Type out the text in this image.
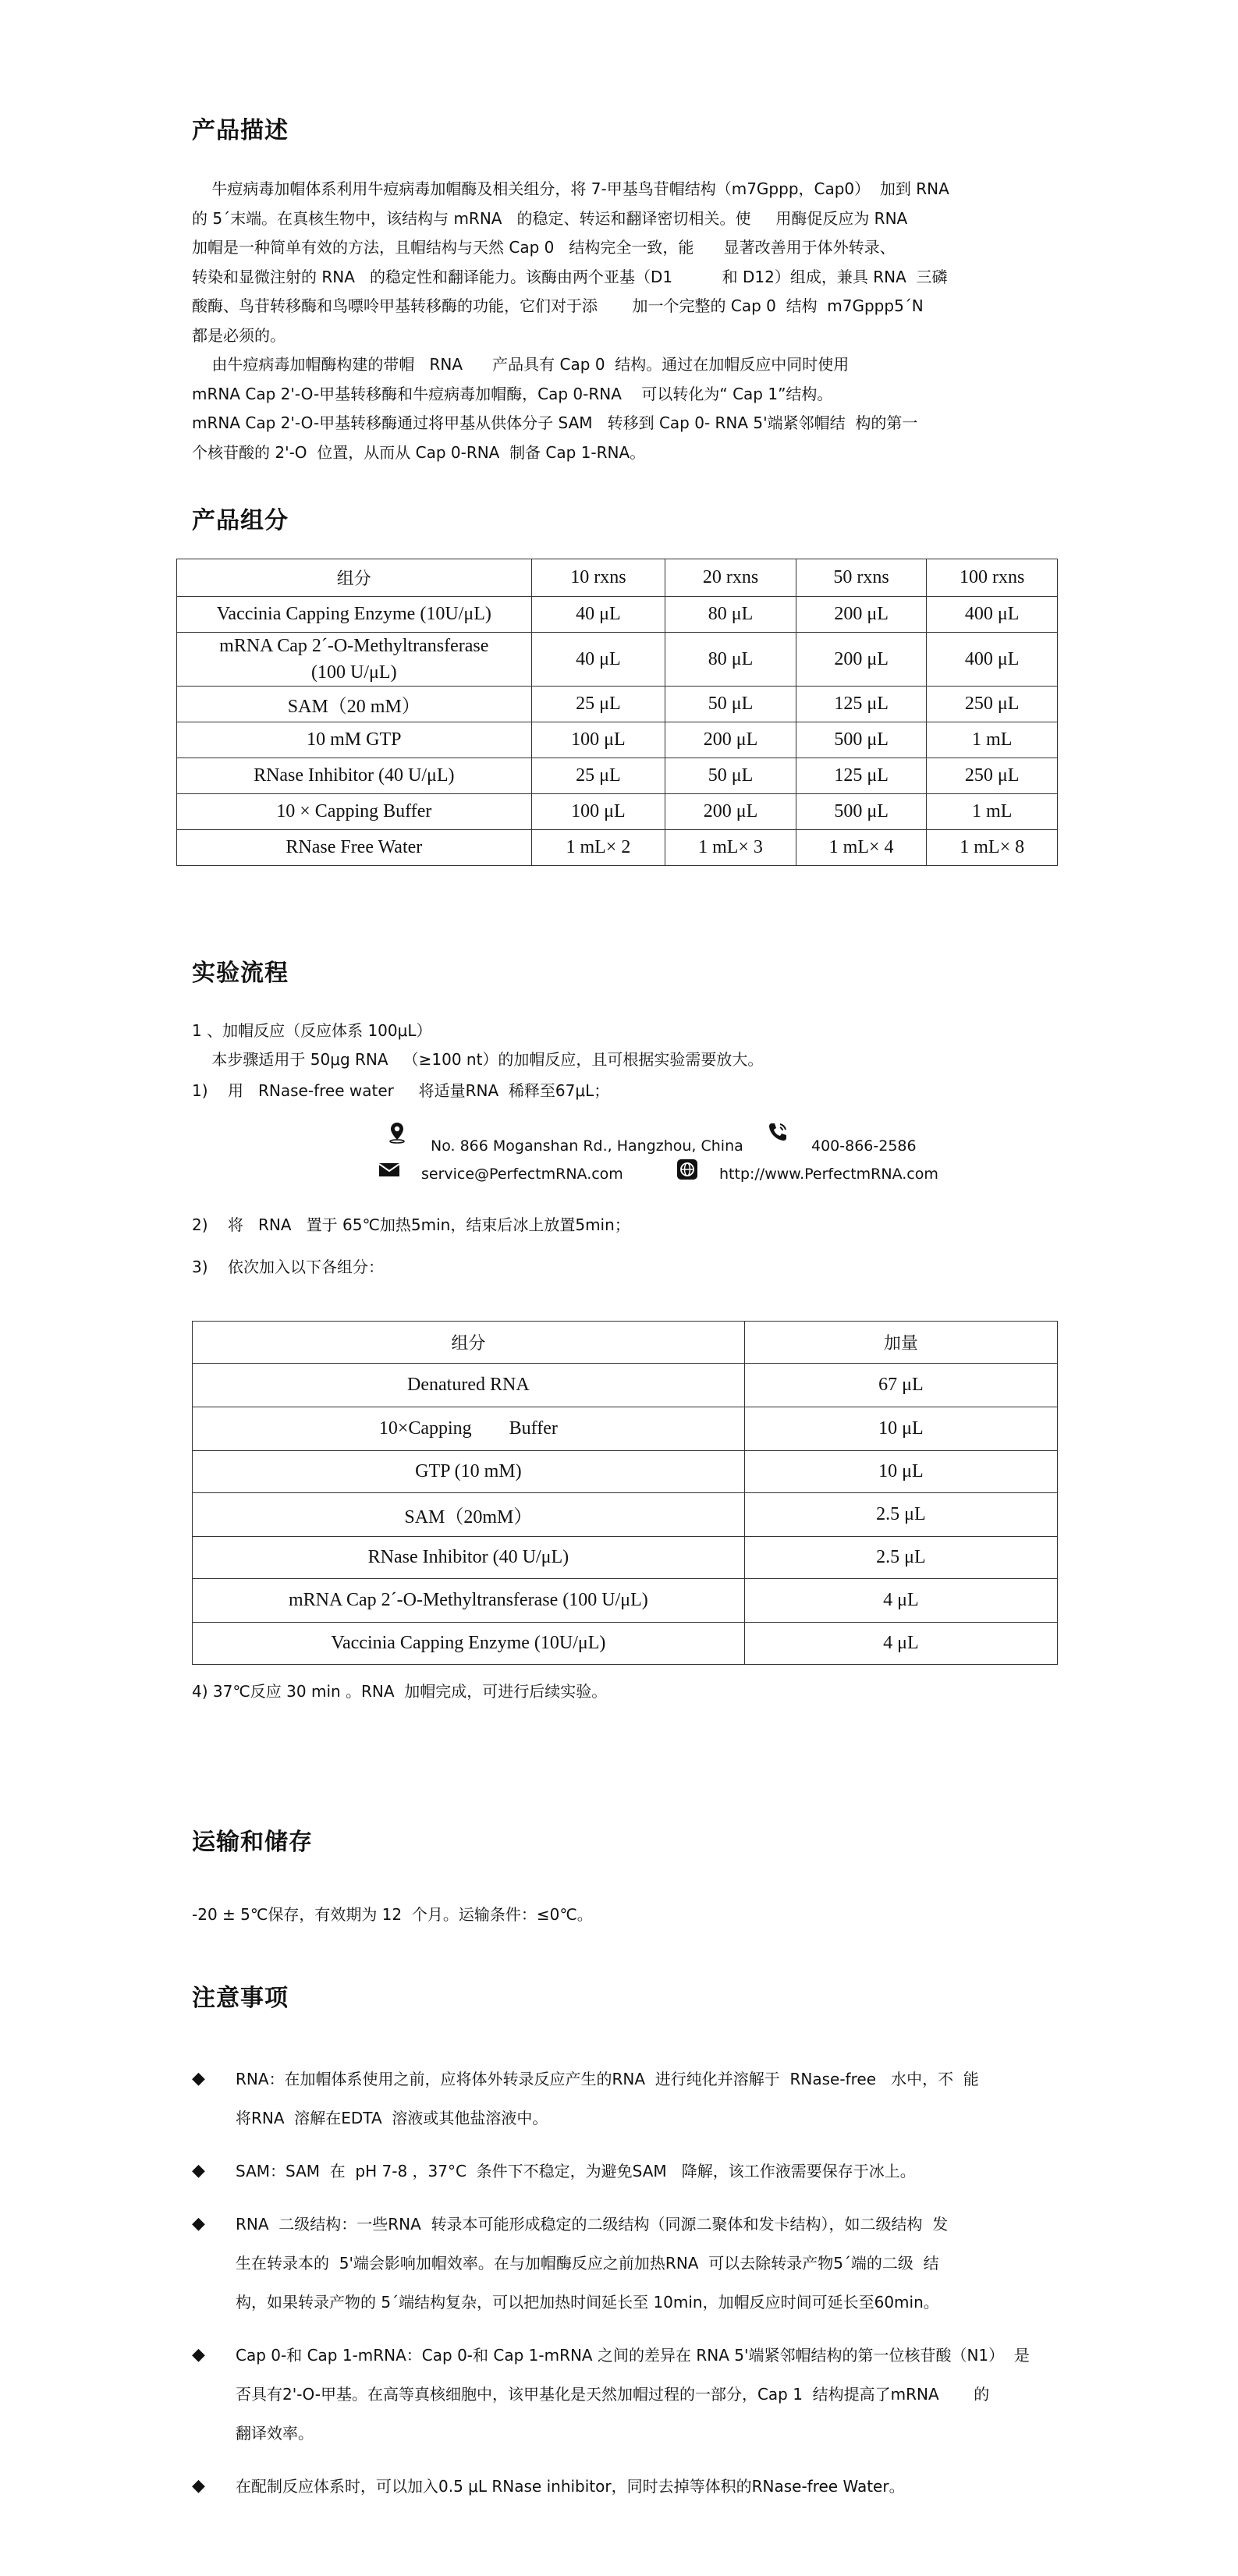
产品描述
牛痘病毒加帽体系利用牛痘病毒加帽酶及相关组分，将 7-甲基鸟苷帽结构（m7Gppp，Cap0）  加到 RNA
的 5´末端。在真核生物中，该结构与 mRNA   的稳定、转运和翻译密切相关。使     用酶促反应为 RNA
加帽是一种简单有效的方法，且帽结构与天然 Cap 0   结构完全一致，能      显著改善用于体外转录、
转染和显微注射的 RNA   的稳定性和翻译能力。该酶由两个亚基（D1          和 D12）组成，兼具 RNA  三磷
酸酶、鸟苷转移酶和鸟嘌呤甲基转移酶的功能，它们对于添       加一个完整的 Cap 0  结构  m7Gppp5´N
都是必须的。
由牛痘病毒加帽酶构建的带帽   RNA      产品具有 Cap 0  结构。通过在加帽反应中同时使用
mRNA Cap 2'-O-甲基转移酶和牛痘病毒加帽酶，Cap 0-RNA    可以转化为“ Cap 1”结构。
mRNA Cap 2'-O-甲基转移酶通过将甲基从供体分子 SAM   转移到 Cap 0- RNA 5'端紧邻帽结  构的第一
个核苷酸的 2'-O  位置，从而从 Cap 0-RNA  制备 Cap 1-RNA。
产品组分
组分	10 rxns	20 rxns	50 rxns	100 rxns
Vaccinia Capping Enzyme (10U/μL)	40 μL	80 μL	200 μL	400 μL
mRNA Cap 2´-O-Methyltransferase (100 U/μL)	40 μL	80 μL	200 μL	400 μL
SAM（20 mM）	25 μL	50 μL	125 μL	250 μL
10 mM GTP	100 μL	200 μL	500 μL	1 mL
RNase Inhibitor (40 U/μL)	25 μL	50 μL	125 μL	250 μL
10 × Capping Buffer	100 μL	200 μL	500 μL	1 mL
RNase Free Water	1 mL× 2	1 mL× 3	1 mL× 4	1 mL× 8
实验流程
1 、加帽反应（反应体系 100μL）
本步骤适用于 50μg RNA   （≥100 nt）的加帽反应，且可根据实验需要放大。
1)    用   RNase-free water     将适量RNA  稀释至67μL；
No. 866 Moganshan Rd., Hangzhou, China	400-866-2586
service@PerfectmRNA.com	http://www.PerfectmRNA.com
2)    将   RNA   置于 65℃加热5min，结束后冰上放置5min；
3)    依次加入以下各组分：
组分	加量
Denatured RNA	67 μL
10×Capping        Buffer	10 μL
GTP (10 mM)	10 μL
SAM（20mM）	2.5 μL
RNase Inhibitor (40 U/μL)	2.5 μL
mRNA Cap 2´-O-Methyltransferase (100 U/μL)	4 μL
Vaccinia Capping Enzyme (10U/μL)	4 μL
4) 37℃反应 30 min 。RNA  加帽完成，可进行后续实验。
运输和储存
-20 ± 5℃保存，有效期为 12  个月。运输条件：≤0℃。
注意事项
◆ RNA：在加帽体系使用之前，应将体外转录反应产生的RNA  进行纯化并溶解于  RNase-free   水中，不  能
将RNA  溶解在EDTA  溶液或其他盐溶液中。
◆ SAM：SAM  在  pH 7-8 ，37°C  条件下不稳定，为避免SAM   降解，该工作液需要保存于冰上。
◆ RNA  二级结构：一些RNA  转录本可能形成稳定的二级结构（同源二聚体和发卡结构），如二级结构  发
生在转录本的  5'端会影响加帽效率。在与加帽酶反应之前加热RNA  可以去除转录产物5´端的二级  结
构，如果转录产物的 5´端结构复杂，可以把加热时间延长至 10min，加帽反应时间可延长至60min。
◆ Cap 0-和 Cap 1-mRNA：Cap 0-和 Cap 1-mRNA 之间的差异在 RNA 5'端紧邻帽结构的第一位核苷酸（N1）  是
否具有2'-O-甲基。在高等真核细胞中，该甲基化是天然加帽过程的一部分，Cap 1  结构提高了mRNA       的
翻译效率。
◆ 在配制反应体系时，可以加入0.5 μL RNase inhibitor，同时去掉等体积的RNase-free Water。
